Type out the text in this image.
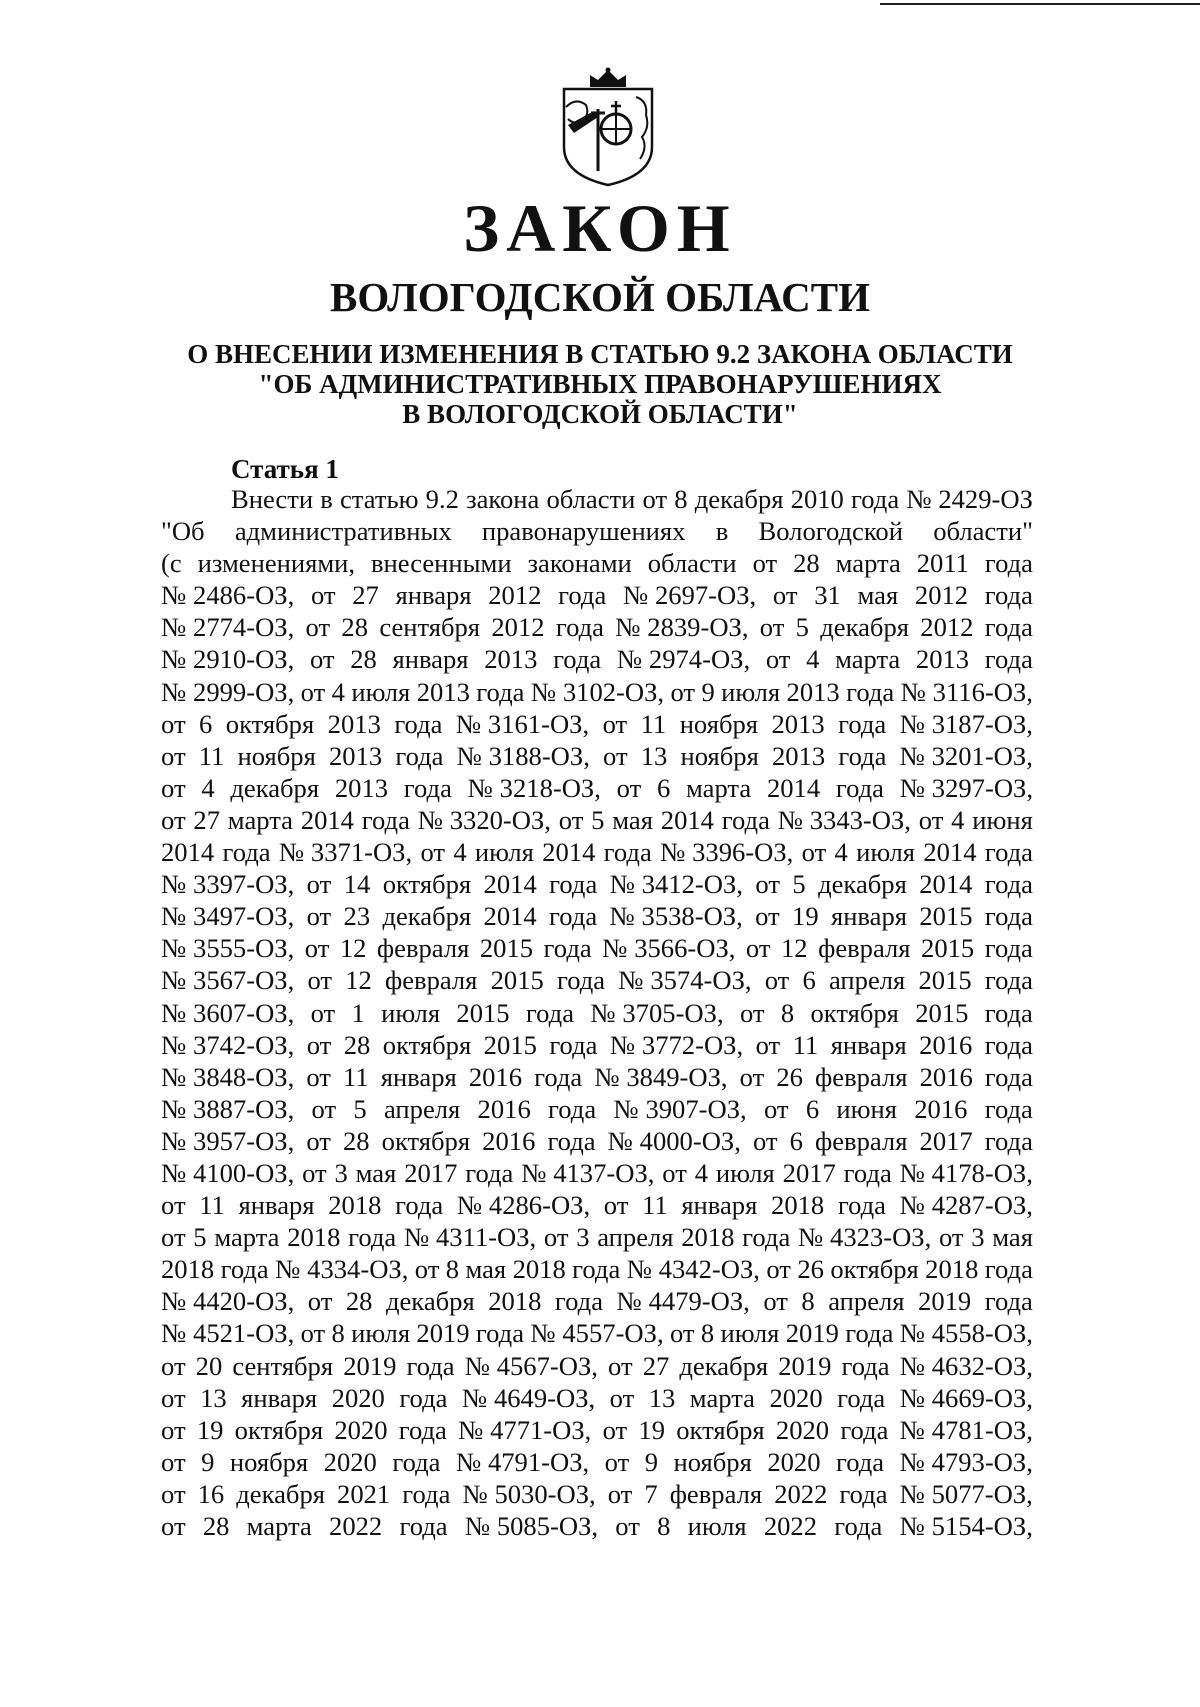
ЗАКОН
ВОЛОГОДСКОЙ ОБЛАСТИ
О ВНЕСЕНИИ ИЗМЕНЕНИЯ В СТАТЬЮ 9.2 ЗАКОНА ОБЛАСТИ
"ОБ АДМИНИСТРАТИВНЫХ ПРАВОНАРУШЕНИЯХ
В ВОЛОГОДСКОЙ ОБЛАСТИ"
Статья 1
Внести в статью 9.2 закона области от 8 декабря 2010 года № 2429-ОЗ
"Об административных правонарушениях в Вологодской области"
(с изменениями, внесенными законами области от 28 марта 2011 года
№ 2486-ОЗ, от 27 января 2012 года № 2697-ОЗ, от 31 мая 2012 года
№ 2774-ОЗ, от 28 сентября 2012 года № 2839-ОЗ, от 5 декабря 2012 года
№ 2910-ОЗ, от 28 января 2013 года № 2974-ОЗ, от 4 марта 2013 года
№ 2999-ОЗ, от 4 июля 2013 года № 3102-ОЗ, от 9 июля 2013 года № 3116-ОЗ,
от 6 октября 2013 года № 3161-ОЗ, от 11 ноября 2013 года № 3187-ОЗ,
от 11 ноября 2013 года № 3188-ОЗ, от 13 ноября 2013 года № 3201-ОЗ,
от 4 декабря 2013 года № 3218-ОЗ, от 6 марта 2014 года № 3297-ОЗ,
от 27 марта 2014 года № 3320-ОЗ, от 5 мая 2014 года № 3343-ОЗ, от 4 июня
2014 года № 3371-ОЗ, от 4 июля 2014 года № 3396-ОЗ, от 4 июля 2014 года
№ 3397-ОЗ, от 14 октября 2014 года № 3412-ОЗ, от 5 декабря 2014 года
№ 3497-ОЗ, от 23 декабря 2014 года № 3538-ОЗ, от 19 января 2015 года
№ 3555-ОЗ, от 12 февраля 2015 года № 3566-ОЗ, от 12 февраля 2015 года
№ 3567-ОЗ, от 12 февраля 2015 года № 3574-ОЗ, от 6 апреля 2015 года
№ 3607-ОЗ, от 1 июля 2015 года № 3705-ОЗ, от 8 октября 2015 года
№ 3742-ОЗ, от 28 октября 2015 года № 3772-ОЗ, от 11 января 2016 года
№ 3848-ОЗ, от 11 января 2016 года № 3849-ОЗ, от 26 февраля 2016 года
№ 3887-ОЗ, от 5 апреля 2016 года № 3907-ОЗ, от 6 июня 2016 года
№ 3957-ОЗ, от 28 октября 2016 года № 4000-ОЗ, от 6 февраля 2017 года
№ 4100-ОЗ, от 3 мая 2017 года № 4137-ОЗ, от 4 июля 2017 года № 4178-ОЗ,
от 11 января 2018 года № 4286-ОЗ, от 11 января 2018 года № 4287-ОЗ,
от 5 марта 2018 года № 4311-ОЗ, от 3 апреля 2018 года № 4323-ОЗ, от 3 мая
2018 года № 4334-ОЗ, от 8 мая 2018 года № 4342-ОЗ, от 26 октября 2018 года
№ 4420-ОЗ, от 28 декабря 2018 года № 4479-ОЗ, от 8 апреля 2019 года
№ 4521-ОЗ, от 8 июля 2019 года № 4557-ОЗ, от 8 июля 2019 года № 4558-ОЗ,
от 20 сентября 2019 года № 4567-ОЗ, от 27 декабря 2019 года № 4632-ОЗ,
от 13 января 2020 года № 4649-ОЗ, от 13 марта 2020 года № 4669-ОЗ,
от 19 октября 2020 года № 4771-ОЗ, от 19 октября 2020 года № 4781-ОЗ,
от 9 ноября 2020 года № 4791-ОЗ, от 9 ноября 2020 года № 4793-ОЗ,
от 16 декабря 2021 года № 5030-ОЗ, от 7 февраля 2022 года № 5077-ОЗ,
от 28 марта 2022 года № 5085-ОЗ, от 8 июля 2022 года № 5154-ОЗ,
